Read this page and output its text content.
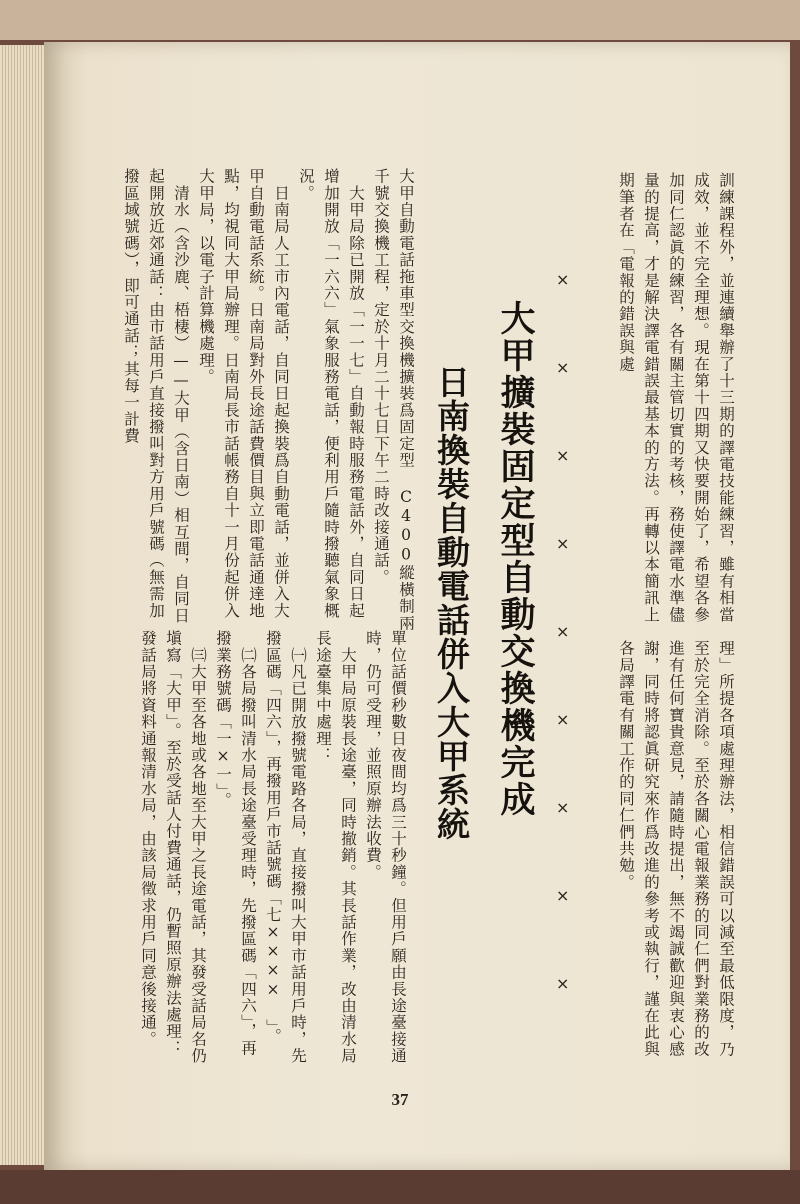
訓練課程外，並連續舉辦了十三期的譯電技能練習，雖有相當成效，並不完全理想。現在第十四期又快要開始了，希望各參加同仁認眞的練習，各有關主管切實的考核，務使譯電水準儘量的提高，才是解決譯電錯誤最基本的方法。再轉以本簡訊上期筆者在「電報的錯誤與處
理」所提各項處理辦法，相信錯誤可以減至最低限度，乃至於完全消除。至於各關心電報業務的同仁們對業務的改進有任何寶貴意見，請隨時提出，無不竭誠歡迎與衷心感謝，同時將認眞研究來作爲改進的參考或執行，謹在此與各局譯電有關工作的同仁們共勉。
×
×
×
×
×
×
×
×
×
大甲擴裝固定型自動交換機完成
日南換裝自動電話併入大甲系統
大甲自動電話拖車型交換機擴裝爲固定型 C400縱橫制兩千號交換機工程，定於十月二十七日下午二時改接通話。
　大甲局除已開放「一一七」自動報時服務電話外，自同日起增加開放「一六六」氣象服務電話，便利用戶隨時撥聽氣象概況。
　日南局人工市內電話，自同日起換裝爲自動電話，並併入大甲自動電話系統。日南局對外長途話費價目與立即電話通達地點，均視同大甲局辦理。日南局長市話帳務自十一月份起併入大甲局，以電子計算機處理。
　清水（含沙鹿、梧棲）——大甲（含日南）相互間，自同日起開放近郊通話：由市話用戶直接撥叫對方用戶號碼（無需加撥區域號碼），即可通話；其每一計費
單位話價秒數日夜間均爲三十秒鐘。但用戶願由長途臺接通時，仍可受理，並照原辦法收費。
　大甲局原裝長途臺，同時撤銷。其長話作業，改由清水局長途臺集中處理：
　㈠凡已開放撥號電路各局，直接撥叫大甲市話用戶時，先撥區碼「四六」，再撥用戶市話號碼「七×××× 」。
　㈡各局撥叫清水局長途臺受理時，先撥區碼「四六」，再撥業務號碼「一×一」。
　㈢大甲至各地或各地至大甲之長途電話，其發受話局名仍塡寫「大甲」。至於受話人付費通話，仍暫照原辦法處理：發話局將資料通報清水局，由該局徵求用戶同意後接通。
37
